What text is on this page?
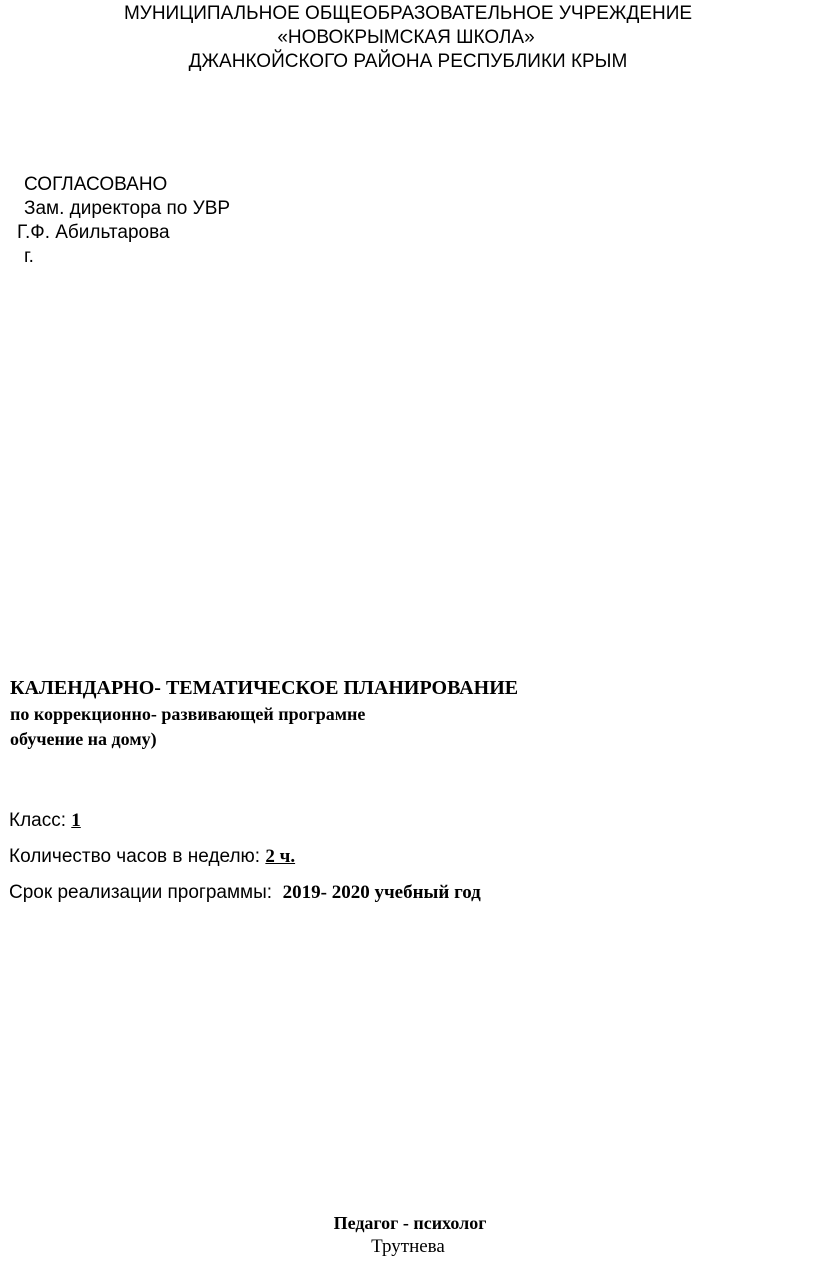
МУНИЦИПАЛЬНОЕ ОБЩЕОБРАЗОВАТЕЛЬНОЕ УЧРЕЖДЕНИЕ
«НОВОКРЫМСКАЯ ШКОЛА»
ДЖАНКОЙСКОГО РАЙОНА РЕСПУБЛИКИ КРЫМ
СОГЛАСОВАНО
Зам. директора по УВР
Г.Ф. Абильтарова
г.
КАЛЕНДАРНО- ТЕМАТИЧЕСКОЕ ПЛАНИРОВАНИЕ
по коррекционно- развивающей програмне
обучение на дому)
Класс: 1
Количество часов в неделю: 2 ч.
Срок реализации программы:  2019- 2020 учебный год
Педагог - психолог
Трутнева
